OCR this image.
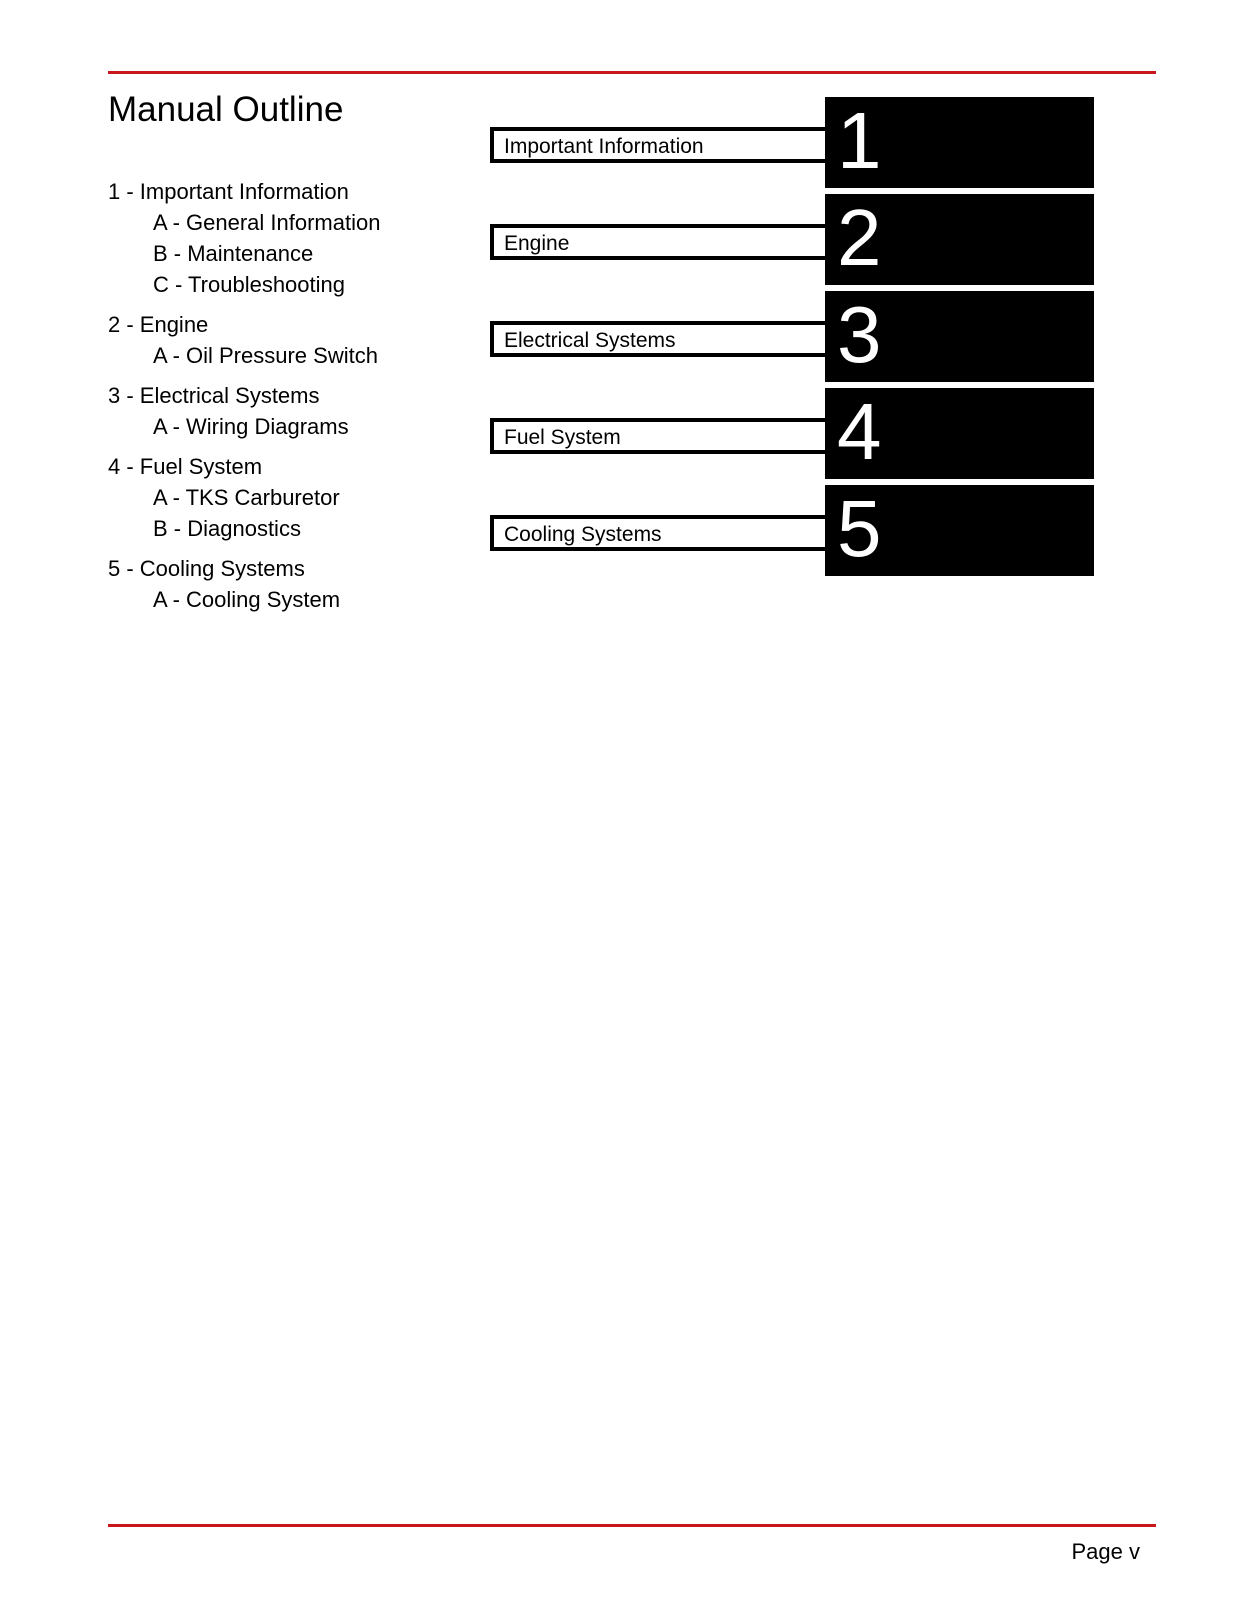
Manual Outline
1 - Important Information
A - General Information
B - Maintenance
C - Troubleshooting
2 - Engine
A - Oil Pressure Switch
3 - Electrical Systems
A - Wiring Diagrams
4 - Fuel System
A - TKS Carburetor
B - Diagnostics
5 - Cooling Systems
A - Cooling System
Important Information 1
Engine	2
Electrical Systems 3
Fuel System	4
Cooling Systems 5
Page v
